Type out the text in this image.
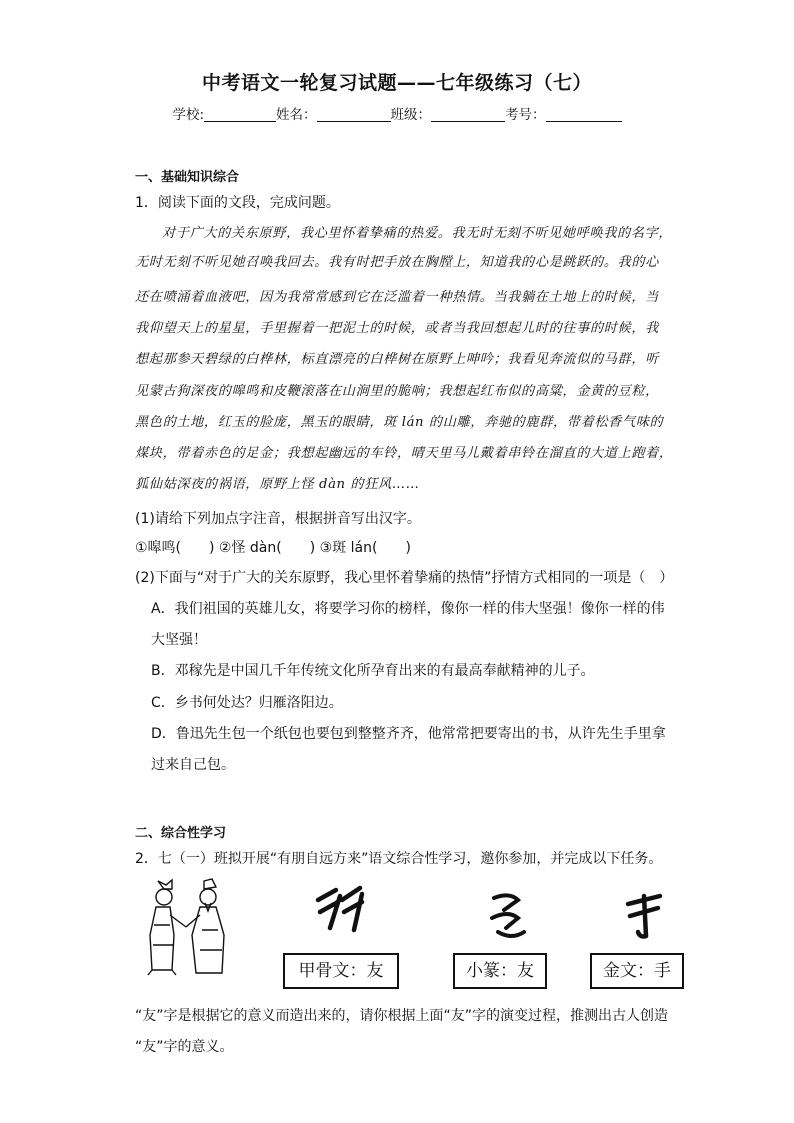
中考语文一轮复习试题——七年级练习（七）
学校:	姓名：	班级：	考号：
一、基础知识综合
1．阅读下面的文段，完成问题。
对于广大的关东原野，我心里怀着挚痛的热爱。我无时无刻不听见她呼唤我的名字，
无时无刻不听见她召唤我回去。我有时把手放在胸膛上，知道我的心是跳跃的。我的心
还在喷涌着血液吧，因为我常常感到它在泛滥着一种热情。当我躺在土地上的时候，当
我仰望天上的星星，手里握着一把泥土的时候，或者当我回想起儿时的往事的时候，我
想起那参天碧绿的白桦林，标直漂亮的白桦树在原野上呻吟；我看见奔流似的马群，听
见蒙古狗深夜的嗥鸣和皮鞭滚落在山涧里的脆响；我想起红布似的高粱，金黄的豆粒，
黑色的土地，红玉的脸庞，黑玉的眼睛，斑 lán 的山雕，奔驰的鹿群，带着松香气味的
煤块，带着赤色的足金；我想起幽远的车铃，晴天里马儿戴着串铃在溜直的大道上跑着，
狐仙姑深夜的祸语，原野上怪 dàn 的狂风……
(1)请给下列加点字注音，根据拼音写出汉字。
①嗥鸣(　　) ②怪 dàn(　　) ③斑 lán(　　)
(2)下面与“对于广大的关东原野，我心里怀着挚痛的热情”抒情方式相同的一项是（　）
A．我们祖国的英雄儿女，将要学习你的榜样，像你一样的伟大坚强！像你一样的伟
大坚强！
B．邓稼先是中国几千年传统文化所孕育出来的有最高奉献精神的儿子。
C．乡书何处达？归雁洛阳边。
D．鲁迅先生包一个纸包也要包到整整齐齐，他常常把要寄出的书，从许先生手里拿
过来自己包。
二、综合性学习
2．七（一）班拟开展“有朋自远方来”语文综合性学习，邀你参加，并完成以下任务。
甲骨文：友	小篆：友	金文：手
“友”字是根据它的意义而造出来的，请你根据上面“友”字的演变过程，推测出古人创造
“友”字的意义。
